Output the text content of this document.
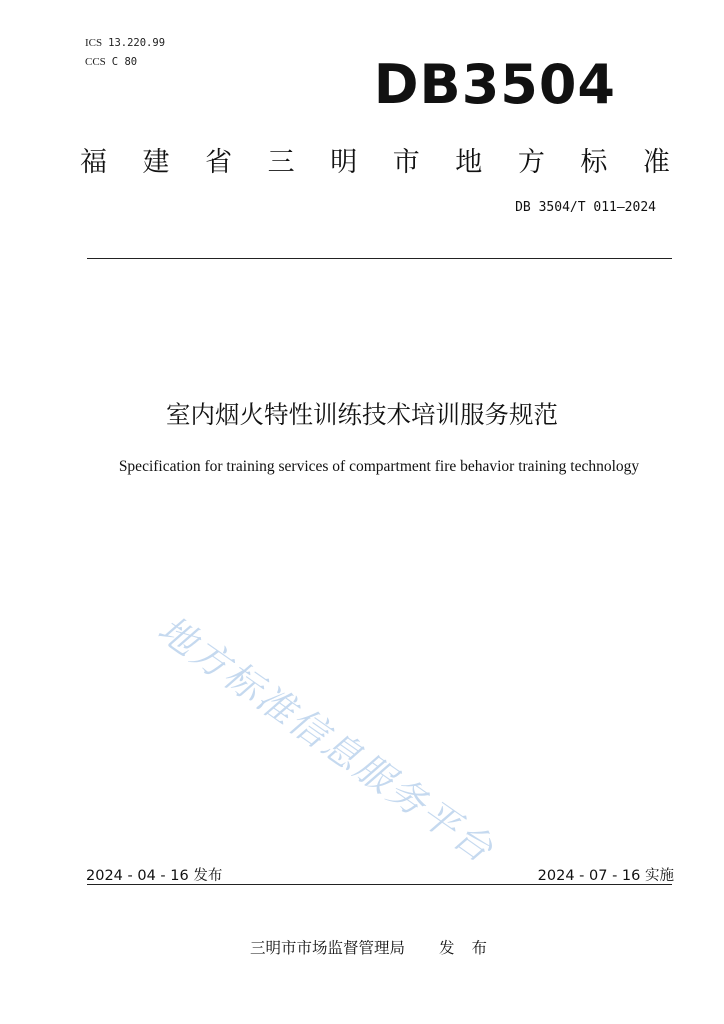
ICS 13.220.99
CCS C 80	DB3504
福 建 省 三 明 市 地 方 标 准
DB 3504/T 011—2024
室内烟火特性训练技术培训服务规范
Specification for training services of compartment fire behavior training technology
地方标准信息服务平台
2024 - 04 - 16 发布	2024 - 07 - 16 实施
三明市市场监督管理局 发 布
